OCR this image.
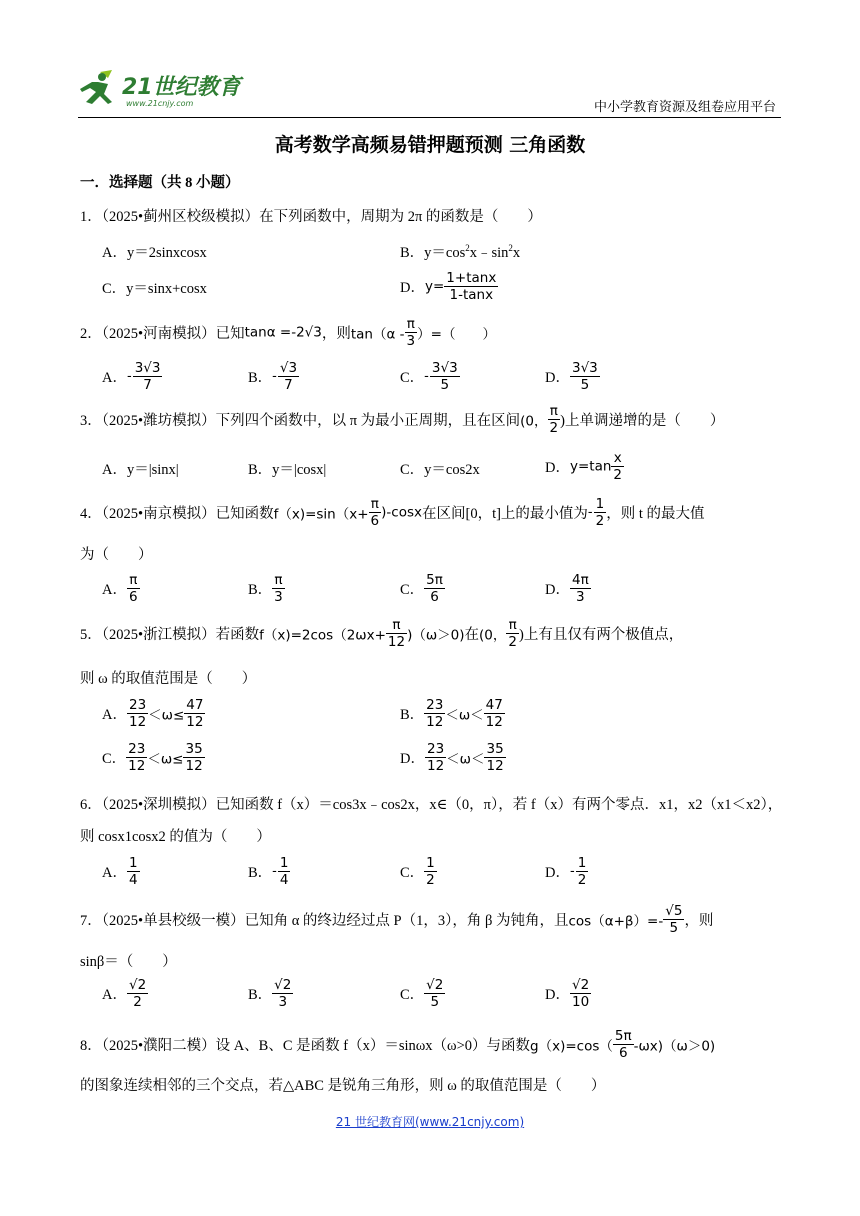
21世纪教育
www.21cnjy.com	中小学教育资源及组卷应用平台
高考数学高频易错押题预测 三角函数
一．选择题（共 8 小题）
1．（2025•蓟州区校级模拟）在下列函数中，周期为 2π 的函数是（　　）
A．y＝2sinxcosx	B．$y=\cos^2x﹣\sin^2x$
C．y＝sinx+cosx	D．$y= \frac{1+\tan x}{1-\tan x}$
2．（2025•河南模拟）已知tanα =-2√3，则$\tan(\alpha - \frac{\pi}{3}$ ）=（　　）
A．- $\frac{3√3}{7}$	B．- $\frac{√3}{7}$	C．- $\frac{3√3}{5}$	D． $\frac{3√3}{5}$
3．（2025•潍坊模拟）下列四个函数中，以 π 为最小正周期，且在区间(0， $\frac{\pi}{2}$ )上单调递增的是（　　）
A．y＝|sinx|	B．y＝|cosx|	C．y＝cos2x	D．$y=\tan \frac{x}{2}$
4．（2025•南京模拟）已知函数$f(x)=\sin(x+ \frac{\pi}{6} )-\cos x$在区间[0，t]上的最小值为- $\frac{1}{2}$ ，则 t 的最大值
为（　　）
A． $\frac{\pi}{6}$	B． $\frac{\pi}{3}$	C． $\frac{5\pi}{6}$	D． $\frac{4\pi}{3}$
5．（2025•浙江模拟）若函数$f(x)=2\cos(2\omega x+ \frac{\pi}{12} )(\omega>0)$在(0， $\frac{\pi}{2}$ )上有且仅有两个极值点，
则 ω 的取值范围是（　　）
A． $\frac{23}{12} <\omega\le \frac{47}{12}$	B． $\frac{23}{12} <\omega< \frac{47}{12}$
C． $\frac{23}{12} <\omega\le \frac{35}{12}$	D． $\frac{23}{12} <\omega< \frac{35}{12}$
6．（2025•深圳模拟）已知函数 f（x）＝cos3x﹣cos2x，x∈（0，π），若 f（x）有两个零点．x1，x2（x1＜x2），
则 cosx1cosx2 的值为（　　）
A． $\frac{1}{4}$	B．- $\frac{1}{4}$	C． $\frac{1}{2}$	D．- $\frac{1}{2}$
7．（2025•单县校级一模）已知角 α 的终边经过点 P（1，3），角 β 为钝角，且$\cos(\alpha+\beta)=- \frac{√5}{5}$ ，则
sinβ＝（　　）
A． $\frac{√2}{2}$	B． $\frac{√2}{3}$	C． $\frac{√2}{5}$	D． $\frac{√2}{10}$
8．（2025•濮阳二模）设 A、B、C 是函数 f（x）＝sinωx（ω>0）与函数$g(x)=\cos( \frac{5\pi}{6} -\omega x)(\omega>0)$
的图象连续相邻的三个交点，若△ABC 是锐角三角形，则 ω 的取值范围是（　　）
21 世纪教育网(www.21cnjy.com)
